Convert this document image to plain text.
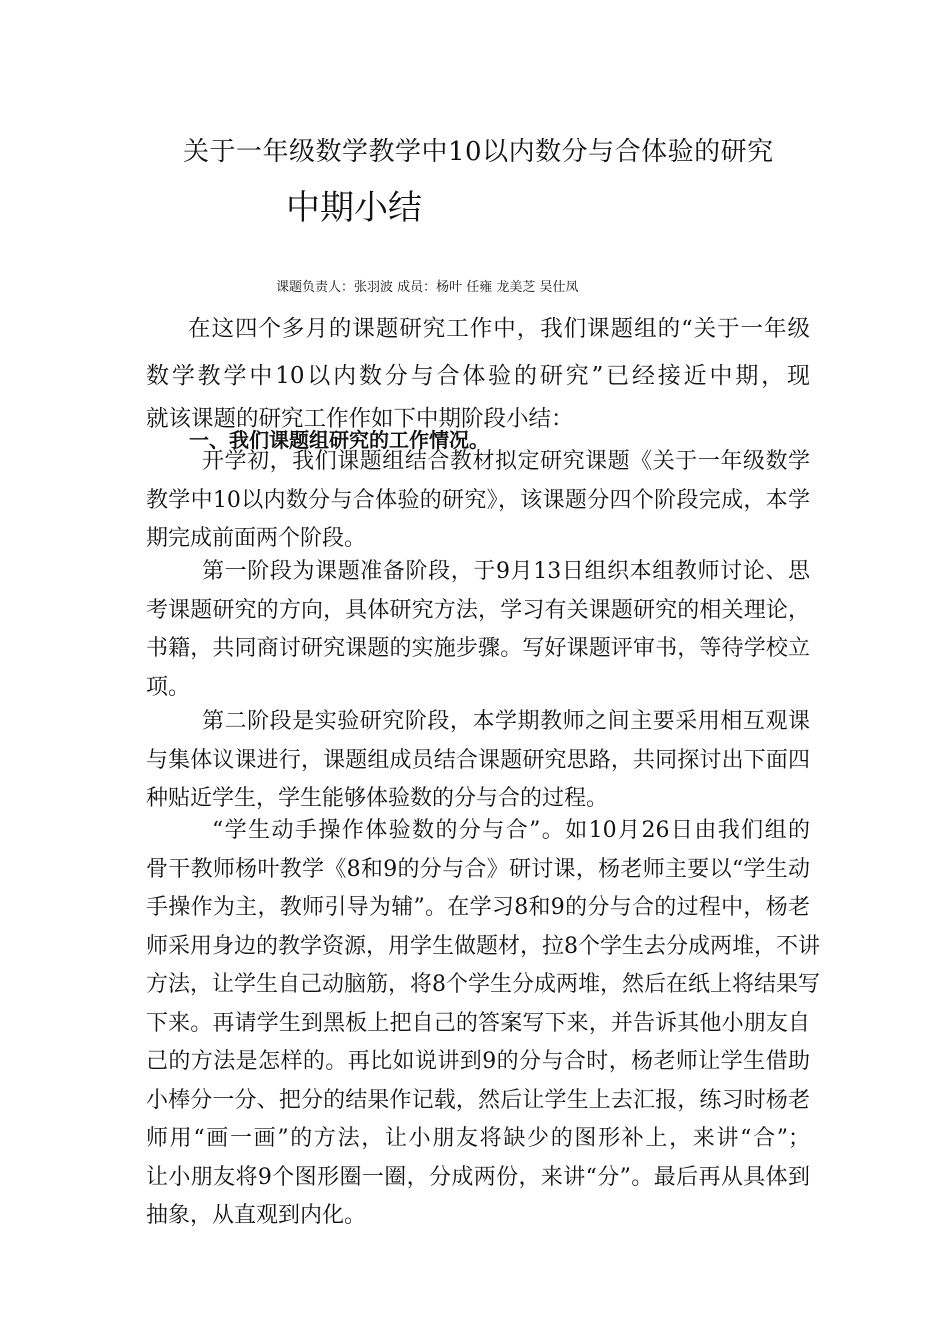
关于一年级数学教学中10以内数分与合体验的研究
中期小结
课题负责人：张羽波 成员：杨叶 任雍 龙美芝 吴仕凤
在这四个多月的课题研究工作中，我们课题组的“关于一年级
数学教学中10以内数分与合体验的研究”已经接近中期，现
就该课题的研究工作作如下中期阶段小结：
一、我们课题组研究的工作情况。
开学初，我们课题组结合教材拟定研究课题《关于一年级数学
教学中10以内数分与合体验的研究》，该课题分四个阶段完成，本学
期完成前面两个阶段。
第一阶段为课题准备阶段，于9月13日组织本组教师讨论、思
考课题研究的方向，具体研究方法，学习有关课题研究的相关理论，
书籍，共同商讨研究课题的实施步骤。写好课题评审书，等待学校立
项。
第二阶段是实验研究阶段，本学期教师之间主要采用相互观课
与集体议课进行，课题组成员结合课题研究思路，共同探讨出下面四
种贴近学生，学生能够体验数的分与合的过程。
“学生动手操作体验数的分与合”。如10月26日由我们组的
骨干教师杨叶教学《8和9的分与合》研讨课，杨老师主要以“学生动
手操作为主，教师引导为辅”。在学习8和9的分与合的过程中，杨老
师采用身边的教学资源，用学生做题材，拉8个学生去分成两堆，不讲
方法，让学生自己动脑筋，将8个学生分成两堆，然后在纸上将结果写
下来。再请学生到黑板上把自己的答案写下来，并告诉其他小朋友自
己的方法是怎样的。再比如说讲到9的分与合时，杨老师让学生借助
小棒分一分、把分的结果作记载，然后让学生上去汇报，练习时杨老
师用“画一画”的方法，让小朋友将缺少的图形补上，来讲“合”；
让小朋友将9个图形圈一圈，分成两份，来讲“分”。最后再从具体到
抽象，从直观到内化。
